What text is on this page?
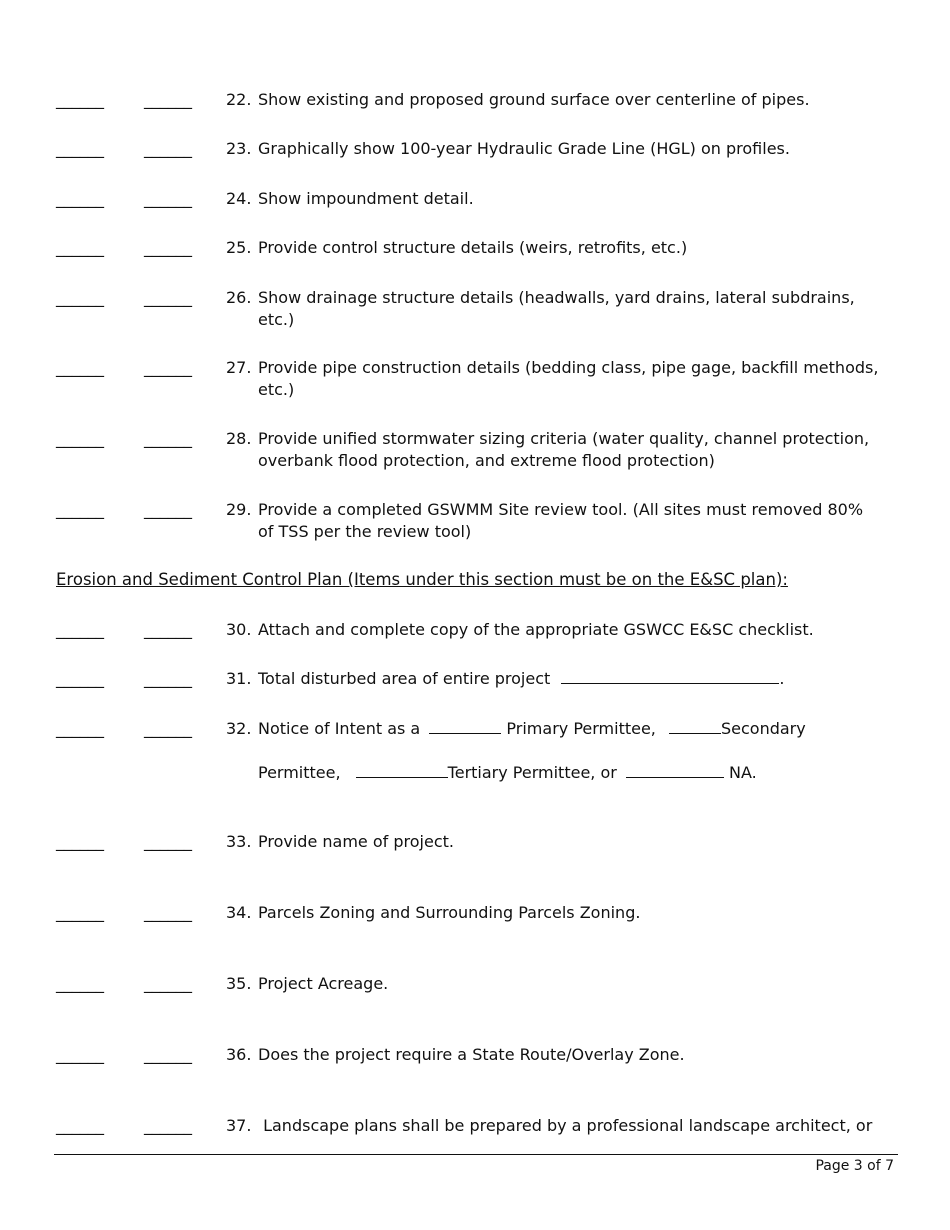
______	______	22. Show existing and proposed ground surface over centerline of pipes.
______	______	23. Graphically show 100-year Hydraulic Grade Line (HGL) on profiles.
______	______	24. Show impoundment detail.
______	______	25. Provide control structure details (weirs, retrofits, etc.)
______	______	26. Show drainage structure details (headwalls, yard drains, lateral subdrains,
etc.)
______	______	27. Provide pipe construction details (bedding class, pipe gage, backfill methods,
etc.)
______	______	28. Provide unified stormwater sizing criteria (water quality, channel protection,
overbank flood protection, and extreme flood protection)
______	______	29. Provide a completed GSWMM Site review tool. (All sites must removed 80%
of TSS per the review tool)
Erosion and Sediment Control Plan (Items under this section must be on the E&SC plan):
______	______	30. Attach and complete copy of the appropriate GSWCC E&SC checklist.
______	______	31. Total disturbed area of entire project	.
______	______	32. Notice of Intent as a	Primary Permittee,	Secondary
Permittee,	Tertiary Permittee, or	NA.
______	______	33. Provide name of project.
______	______	34. Parcels Zoning and Surrounding Parcels Zoning.
______	______	35. Project Acreage.
______	______	36. Does the project require a State Route/Overlay Zone.
______	______	37. Landscape plans shall be prepared by a professional landscape architect, or
Page 3 of 7
